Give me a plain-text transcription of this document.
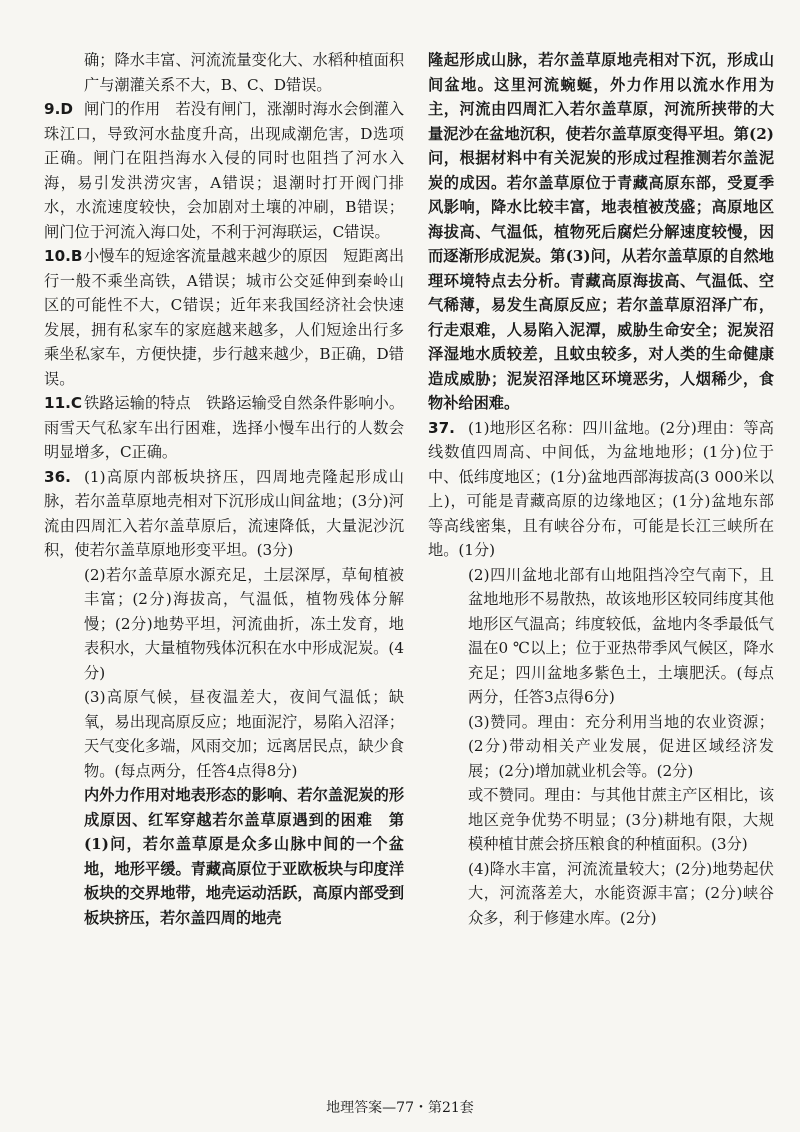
确；降水丰富、河流流量变化大、水稻种植面积广与潮灌关系不大，B、C、D错误。

9.D 闸门的作用　若没有闸门，涨潮时海水会倒灌入珠江口，导致河水盐度升高，出现咸潮危害，D选项正确。闸门在阻挡海水入侵的同时也阻挡了河水入海，易引发洪涝灾害，A错误；退潮时打开阀门排水，水流速度较快，会加剧对土壤的冲刷，B错误；闸门位于河流入海口处，不利于河海联运，C错误。

10.B小慢车的短途客流量越来越少的原因　短距离出行一般不乘坐高铁，A错误；城市公交延伸到秦岭山区的可能性不大，C错误；近年来我国经济社会快速发展，拥有私家车的家庭越来越多，人们短途出行多乘坐私家车，方便快捷，步行越来越少，B正确，D错误。

11.C 铁路运输的特点　铁路运输受自然条件影响小。雨雪天气私家车出行困难，选择小慢车出行的人数会明显增多，C正确。

36. (1)高原内部板块挤压，四周地壳隆起形成山脉，若尔盖草原地壳相对下沉形成山间盆地；(3分)河流由四周汇入若尔盖草原后，流速降低，大量泥沙沉积，使若尔盖草原地形变平坦。(3分)

(2)若尔盖草原水源充足，土层深厚，草甸植被丰富；(2分)海拔高，气温低，植物残体分解慢；(2分)地势平坦，河流曲折，冻土发育，地表积水，大量植物残体沉积在水中形成泥炭。(4分)

(3)高原气候，昼夜温差大，夜间气温低；缺氧，易出现高原反应；地面泥泞，易陷入沼泽；天气变化多端，风雨交加；远离居民点，缺少食物。(每点两分，任答4点得8分)

内外力作用对地表形态的影响、若尔盖泥炭的形成原因、红军穿越若尔盖草原遇到的困难　 第(1)问，若尔盖草原是众多山脉中间的一个盆地，地形平缓。青藏高原位于亚欧板块与印度洋板块的交界地带，地壳运动活跃，高原内部受到板块挤压，若尔盖四周的地壳

隆起形成山脉，若尔盖草原地壳相对下沉，形成山间盆地。这里河流蜿蜒，外力作用以流水作用为主，河流由四周汇入若尔盖草原，河流所挟带的大量泥沙在盆地沉积，使若尔盖草原变得平坦。第(2)问，根据材料中有关泥炭的形成过程推测若尔盖泥炭的成因。若尔盖草原位于青藏高原东部，受夏季风影响，降水比较丰富，地表植被茂盛；高原地区海拔高、气温低，植物死后腐烂分解速度较慢，因而逐渐形成泥炭。第(3)问，从若尔盖草原的自然地理环境特点去分析。青藏高原海拔高、气温低、空气稀薄，易发生高原反应；若尔盖草原沼泽广布，行走艰难，人易陷入泥潭，威胁生命安全；泥炭沼泽湿地水质较差，且蚊虫较多，对人类的生命健康造成威胁；泥炭沼泽地区环境恶劣，人烟稀少，食物补给困难。

37. (1)地形区名称：四川盆地。(2分)理由：等高线数值四周高、中间低，为盆地地形；(1分)位于中、低纬度地区；(1分)盆地西部海拔高(3 000米以上)，可能是青藏高原的边缘地区；(1分)盆地东部等高线密集，且有峡谷分布，可能是长江三峡所在地。(1分)

(2)四川盆地北部有山地阻挡冷空气南下，且盆地地形不易散热，故该地形区较同纬度其他地形区气温高；纬度较低，盆地内冬季最低气温在0 ℃以上；位于亚热带季风气候区，降水充足；四川盆地多紫色土，土壤肥沃。(每点两分，任答3点得6分)

(3)赞同。理由：充分利用当地的农业资源；(2分)带动相关产业发展，促进区域经济发展；(2分)增加就业机会等。(2分)

或不赞同。理由：与其他甘蔗主产区相比，该地区竞争优势不明显；(3分)耕地有限，大规模种植甘蔗会挤压粮食的种植面积。(3分)

(4)降水丰富，河流流量较大；(2分)地势起伏大，河流落差大，水能资源丰富；(2分)峡谷众多，利于修建水库。(2分)

地理答案—77・第21套
